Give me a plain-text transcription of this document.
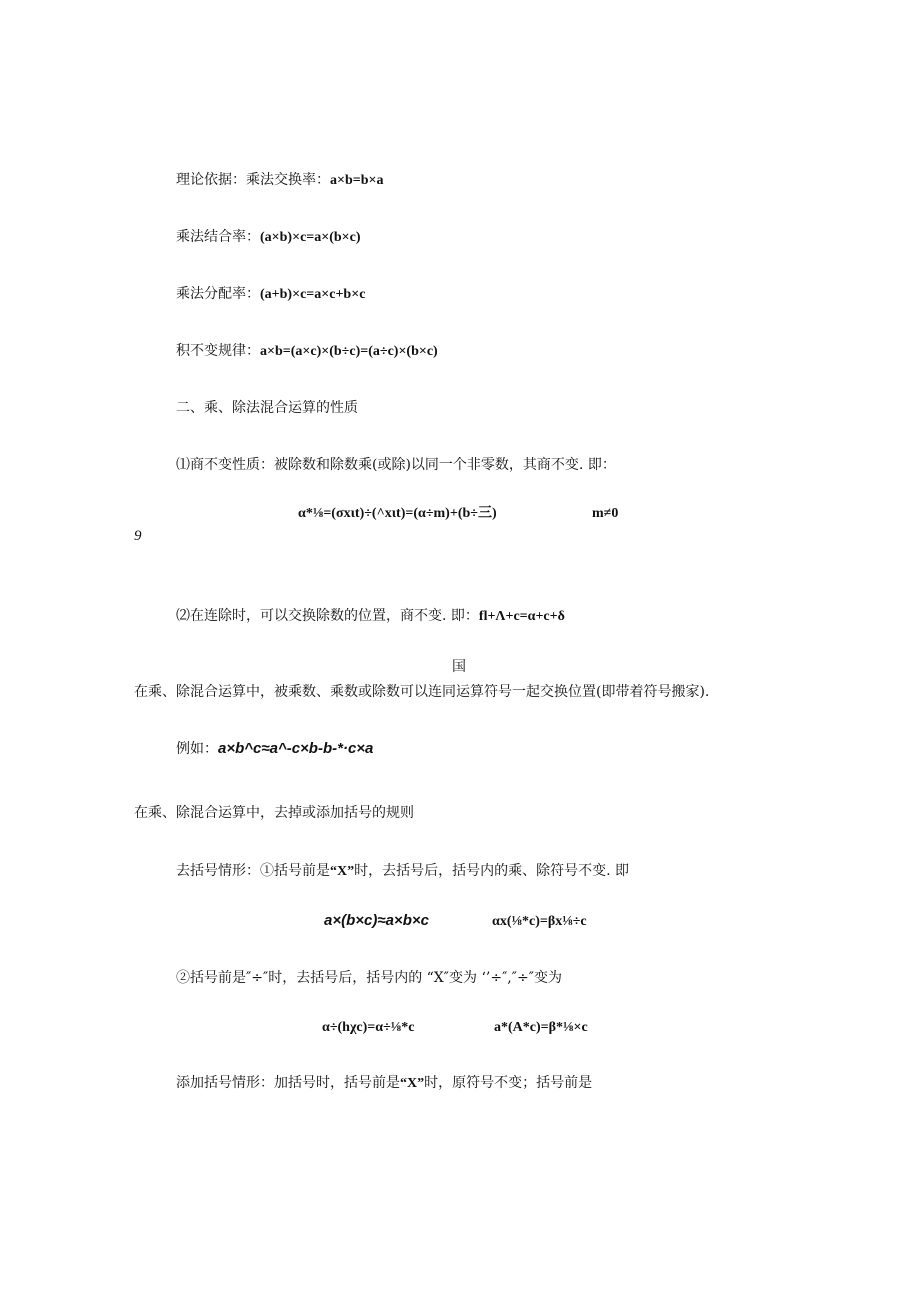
理论依据：乘法交换率：a×b=b×a
乘法结合率：(a×b)×c=a×(b×c)
乘法分配率：(a+b)×c=a×c+b×c
积不变规律：a×b=(a×c)×(b÷c)=(a÷c)×(b×c)
二、乘、除法混合运算的性质
⑴商不变性质：被除数和除数乘(或除)以同一个非零数，其商不变. 即：
α*⅛=(σxιt)÷(^xιt)=(α÷m)+(b÷三)	m≠0
9
⑵在连除时，可以交换除数的位置，商不变. 即：fl+Λ+c=α+c+δ
国
在乘、除混合运算中，被乘数、乘数或除数可以连同运算符号一起交换位置(即带着符号搬家).
例如：a×b^c≈a^-c×b-b-*·c×a
在乘、除混合运算中，去掉或添加括号的规则
去括号情形：①括号前是“X”时，去括号后，括号内的乘、除符号不变. 即
a×(b×c)≈a×b×c	αx(⅛*c)=βx⅛÷c
②括号前是″÷″时，去括号后，括号内的 “X″变为 ‘’÷″,″÷″变为
α÷(hχc)=α÷⅛*c	a*(A*c)=β*⅛×c
添加括号情形：加括号时，括号前是“X”时，原符号不变；括号前是
